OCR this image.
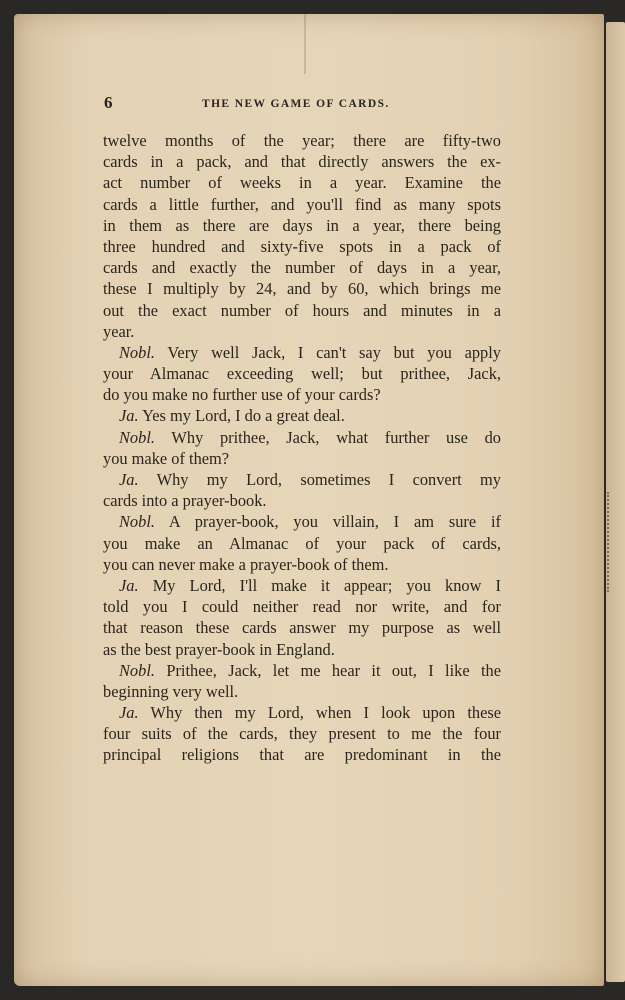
6	THE NEW GAME OF CARDS.
twelve months of the year; there are fifty-two
cards in a pack, and that directly answers the ex-
act number of weeks in a year. Examine the
cards a little further, and you'll find as many spots
in them as there are days in a year, there being
three hundred and sixty-five spots in a pack of
cards and exactly the number of days in a year,
these I multiply by 24, and by 60, which brings me
out the exact number of hours and minutes in a
year.
Nobl. Very well Jack, I can't say but you apply
your Almanac exceeding well; but prithee, Jack,
do you make no further use of your cards?
Ja. Yes my Lord, I do a great deal.
Nobl. Why prithee, Jack, what further use do
you make of them?
Ja. Why my Lord, sometimes I convert my
cards into a prayer-book.
Nobl. A prayer-book, you villain, I am sure if
you make an Almanac of your pack of cards,
you can never make a prayer-book of them.
Ja. My Lord, I'll make it appear; you know I
told you I could neither read nor write, and for
that reason these cards answer my purpose as well
as the best prayer-book in England.
Nobl. Prithee, Jack, let me hear it out, I like the
beginning very well.
Ja. Why then my Lord, when I look upon these
four suits of the cards, they present to me the four
principal religions that are predominant in the
